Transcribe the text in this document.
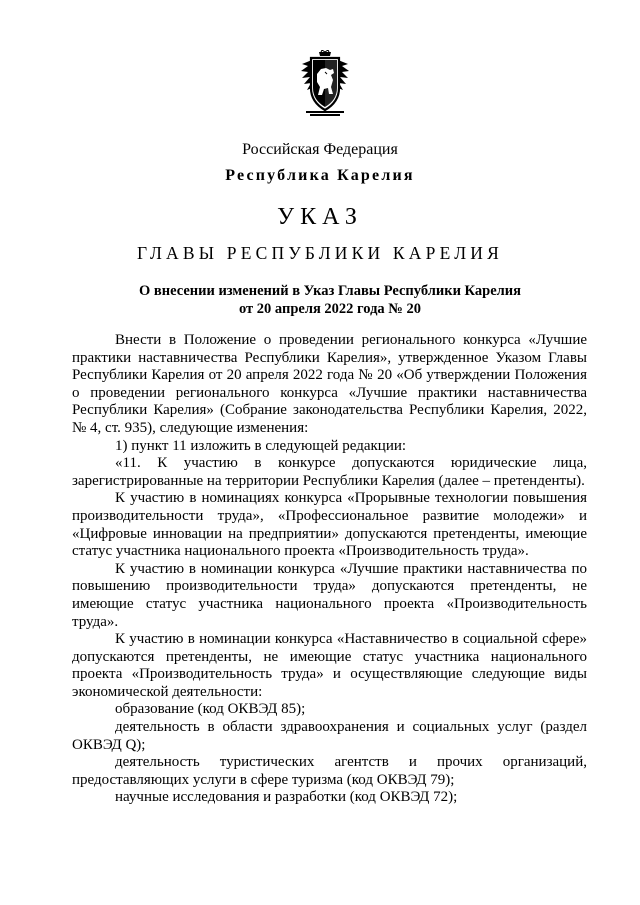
Российская Федерация
Республика Карелия
УКАЗ
ГЛАВЫ РЕСПУБЛИКИ КАРЕЛИЯ
О внесении изменений в Указ Главы Республики Карелия
от 20 апреля 2022 года № 20

Внести в Положение о проведении регионального конкурса «Лучшие практики наставничества Республики Карелия», утвержденное Указом Главы Республики Карелия от 20 апреля 2022 года № 20 «Об утверждении Положения о проведении регионального конкурса «Лучшие практики наставничества Республики Карелия» (Собрание законодательства Республики Карелия, 2022, № 4, ст. 935), следующие изменения:

1) пункт 11 изложить в следующей редакции:

«11. К участию в конкурсе допускаются юридические лица, зарегистрированные на территории Республики Карелия (далее – претенденты).

К участию в номинациях конкурса «Прорывные технологии повышения производительности труда», «Профессиональное развитие молодежи» и «Цифровые инновации на предприятии» допускаются претенденты, имеющие статус участника национального проекта «Производительность труда».

К участию в номинации конкурса «Лучшие практики наставничества по повышению производительности труда» допускаются претенденты, не имеющие статус участника национального проекта «Производительность труда».

К участию в номинации конкурса «Наставничество в социальной сфере» допускаются претенденты, не имеющие статус участника национального проекта «Производительность труда» и осуществляющие следующие виды экономической деятельности:

образование (код ОКВЭД 85);

деятельность в области здравоохранения и социальных услуг (раздел ОКВЭД Q);

деятельность туристических агентств и прочих организаций, предоставляющих услуги в сфере туризма (код ОКВЭД 79);

научные исследования и разработки (код ОКВЭД 72);
